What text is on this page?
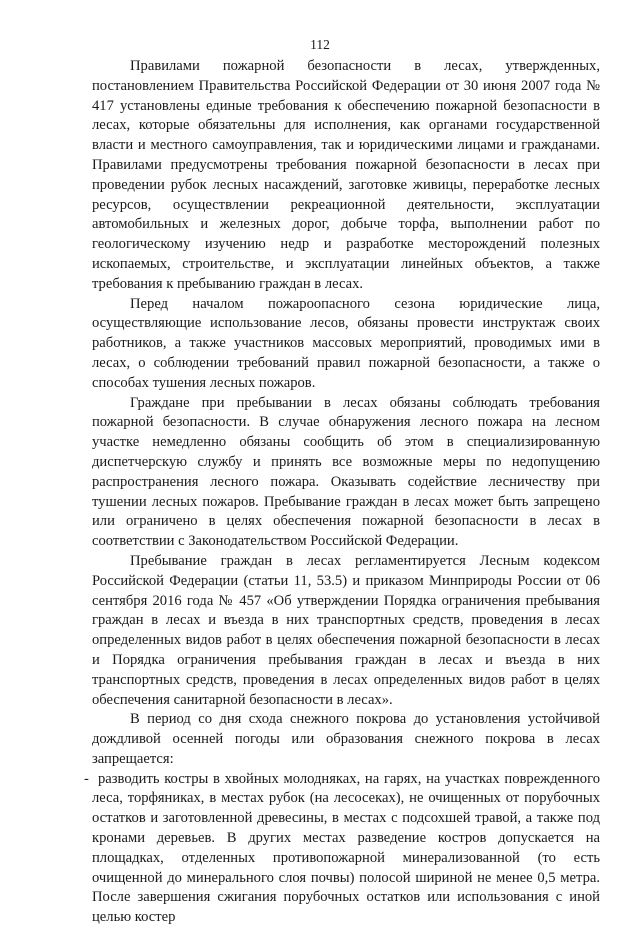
112

Правилами пожарной безопасности в лесах, утвержденных, постановлением Правительства Российской Федерации от 30 июня 2007 года № 417 установлены единые требования к обеспечению пожарной безопасности в лесах, которые обязательны для исполнения, как органами государственной власти и местного самоуправления, так и юридическими лицами и гражданами. Правилами предусмотрены требования пожарной безопасности в лесах при проведении рубок лесных насаждений, заготовке живицы, переработке лесных ресурсов, осуществлении рекреационной деятельности, эксплуатации автомобильных и железных дорог, добыче торфа, выполнении работ по геологическому изучению недр и разработке месторождений полезных ископаемых, строительстве, и эксплуатации линейных объектов, а также требования к пребыванию граждан в лесах.

Перед началом пожароопасного сезона юридические лица, осуществляющие использование лесов, обязаны провести инструктаж своих работников, а также участников массовых мероприятий, проводимых ими в лесах, о соблюдении требований правил пожарной безопасности, а также о способах тушения лесных пожаров.

Граждане при пребывании в лесах обязаны соблюдать требования пожарной безопасности. В случае обнаружения лесного пожара на лесном участке немедленно обязаны сообщить об этом в специализированную диспетчерскую службу и принять все возможные меры по недопущению распространения лесного пожара. Оказывать содействие лесничеству при тушении лесных пожаров. Пребывание граждан в лесах может быть запрещено или ограничено в целях обеспечения пожарной безопасности в лесах в соответствии с Законодательством Российской Федерации.

Пребывание граждан в лесах регламентируется Лесным кодексом Российской Федерации (статьи 11, 53.5) и приказом Минприроды России от 06 сентября 2016 года № 457 «Об утверждении Порядка ограничения пребывания граждан в лесах и въезда в них транспортных средств, проведения в лесах определенных видов работ в целях обеспечения пожарной безопасности в лесах и Порядка ограничения пребывания граждан в лесах и въезда в них транспортных средств, проведения в лесах определенных видов работ в целях обеспечения санитарной безопасности в лесах».

В период со дня схода снежного покрова до установления устойчивой дождливой осенней погоды или образования снежного покрова в лесах запрещается:

- разводить костры в хвойных молодняках, на гарях, на участках поврежденного леса, торфяниках, в местах рубок (на лесосеках), не очищенных от порубочных остатков и заготовленной древесины, в местах с подсохшей травой, а также под кронами деревьев. В других местах разведение костров допускается на площадках, отделенных противопожарной минерализованной (то есть очищенной до минерального слоя почвы) полосой шириной не менее 0,5 метра. После завершения сжигания порубочных остатков или использования с иной целью костер
